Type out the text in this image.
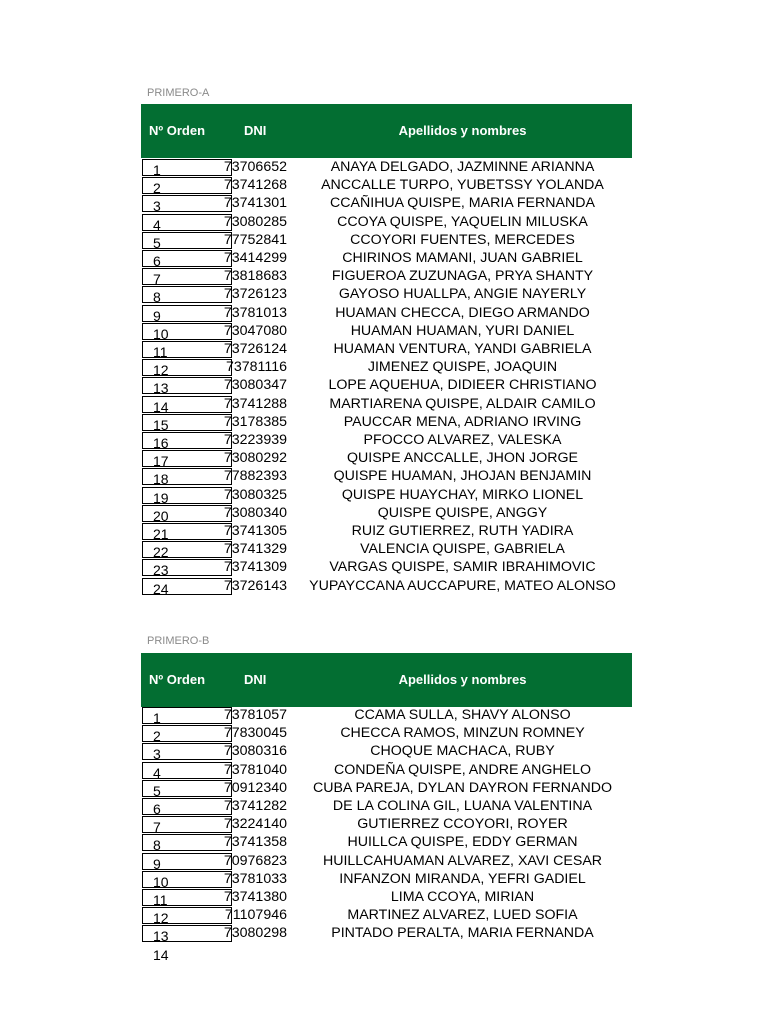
PRIMERO-A
Nº Orden	DNI	Apellidos y nombres
1	73706652	ANAYA DELGADO, JAZMINNE ARIANNA
2	73741268	ANCCALLE TURPO, YUBETSSY YOLANDA
3	73741301	CCAÑIHUA QUISPE, MARIA FERNANDA
4	73080285	CCOYA QUISPE, YAQUELIN MILUSKA
5	77752841	CCOYORI FUENTES, MERCEDES
6	73414299	CHIRINOS MAMANI, JUAN GABRIEL
7	73818683	FIGUEROA ZUZUNAGA, PRYA SHANTY
8	73726123	GAYOSO HUALLPA, ANGIE NAYERLY
9	73781013	HUAMAN CHECCA, DIEGO ARMANDO
10	73047080	HUAMAN HUAMAN, YURI DANIEL
11	73726124	HUAMAN VENTURA, YANDI GABRIELA
12	73781116	JIMENEZ QUISPE, JOAQUIN
13	73080347	LOPE AQUEHUA, DIDIEER CHRISTIANO
14	73741288	MARTIARENA QUISPE, ALDAIR CAMILO
15	73178385	PAUCCAR MENA, ADRIANO IRVING
16	73223939	PFOCCO ALVAREZ, VALESKA
17	73080292	QUISPE ANCCALLE, JHON JORGE
18	77882393	QUISPE HUAMAN, JHOJAN BENJAMIN
19	73080325	QUISPE HUAYCHAY, MIRKO LIONEL
20	73080340	QUISPE QUISPE, ANGGY
21	73741305	RUIZ GUTIERREZ, RUTH YADIRA
22	73741329	VALENCIA QUISPE, GABRIELA
23	73741309	VARGAS QUISPE, SAMIR IBRAHIMOVIC
24	73726143	YUPAYCCANA AUCCAPURE, MATEO ALONSO
PRIMERO-B
Nº Orden	DNI	Apellidos y nombres
1	73781057	CCAMA SULLA, SHAVY ALONSO
2	77830045	CHECCA RAMOS, MINZUN ROMNEY
3	73080316	CHOQUE MACHACA, RUBY
4	73781040	CONDEÑA QUISPE, ANDRE ANGHELO
5	70912340	CUBA PAREJA, DYLAN DAYRON FERNANDO
6	73741282	DE LA COLINA GIL, LUANA VALENTINA
7	73224140	GUTIERREZ CCOYORI, ROYER
8	73741358	HUILLCA QUISPE, EDDY GERMAN
9	70976823	HUILLCAHUAMAN ALVAREZ, XAVI CESAR
10	73781033	INFANZON MIRANDA, YEFRI GADIEL
11	73741380	LIMA CCOYA, MIRIAN
12	71107946	MARTINEZ ALVAREZ, LUED SOFIA
13	73080298	PINTADO PERALTA, MARIA FERNANDA
14
